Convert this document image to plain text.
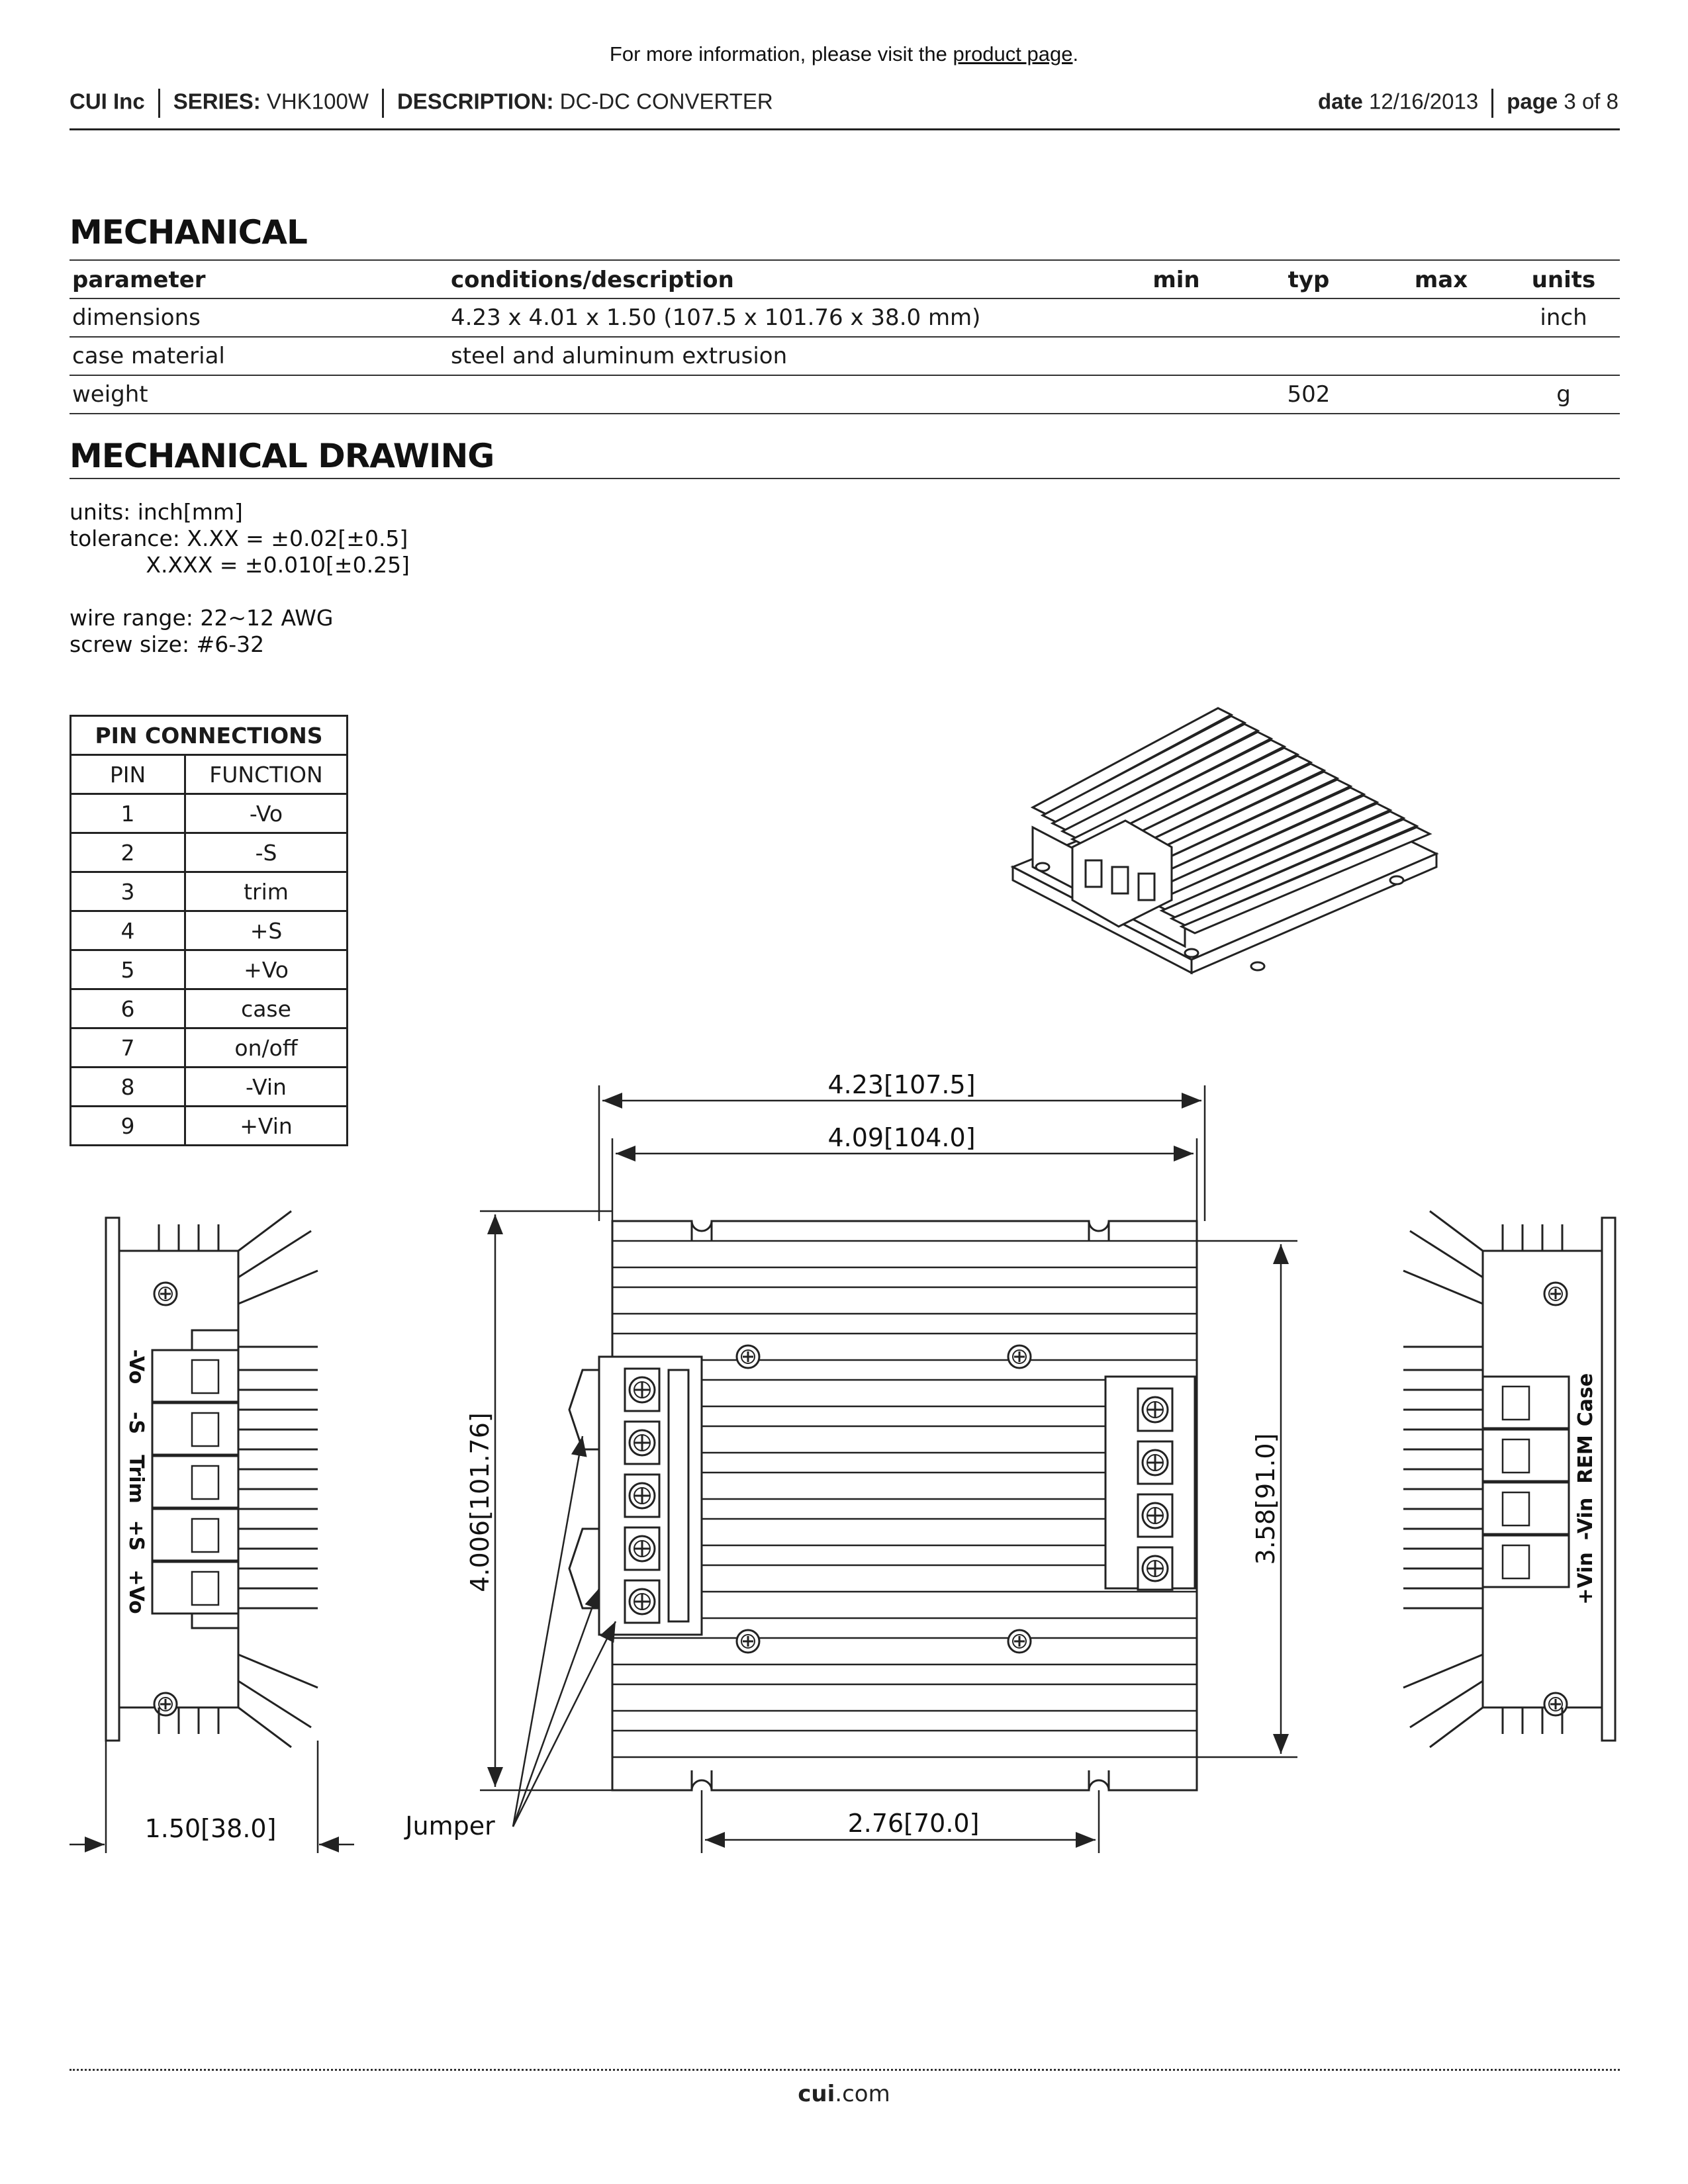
For more information, please visit the product page.
CUI Inc SERIES: VHK100W DESCRIPTION: DC-DC CONVERTER	date 12/16/2013 page 3 of 8
MECHANICAL
parameter	conditions/description	min	typ	max	units
dimensions	4.23 x 4.01 x 1.50 (107.5 x 101.76 x 38.0 mm)				inch
case material	steel and aluminum extrusion				
weight			502		g
MECHANICAL DRAWING
units: inch[mm]
tolerance: X.XX = ±0.02[±0.5]
X.XXX = ±0.010[±0.25]
wire range: 22~12 AWG
screw size: #6-32
PIN CONNECTIONS	
PIN	FUNCTION
1	-Vo
2	-S
3	trim
4	+S
5	+Vo
6	case
7	on/off
8	-Vin
9	+Vin
-Vo
-S
Trim
+S
+Vo	+Vin
-Vin
REM
Case
4.23[107.5]
4.09[104.0]
4.006[101.76]	3.58[91.0]
2.76[70.0]
1.50[38.0]	Jumper
cui.com
